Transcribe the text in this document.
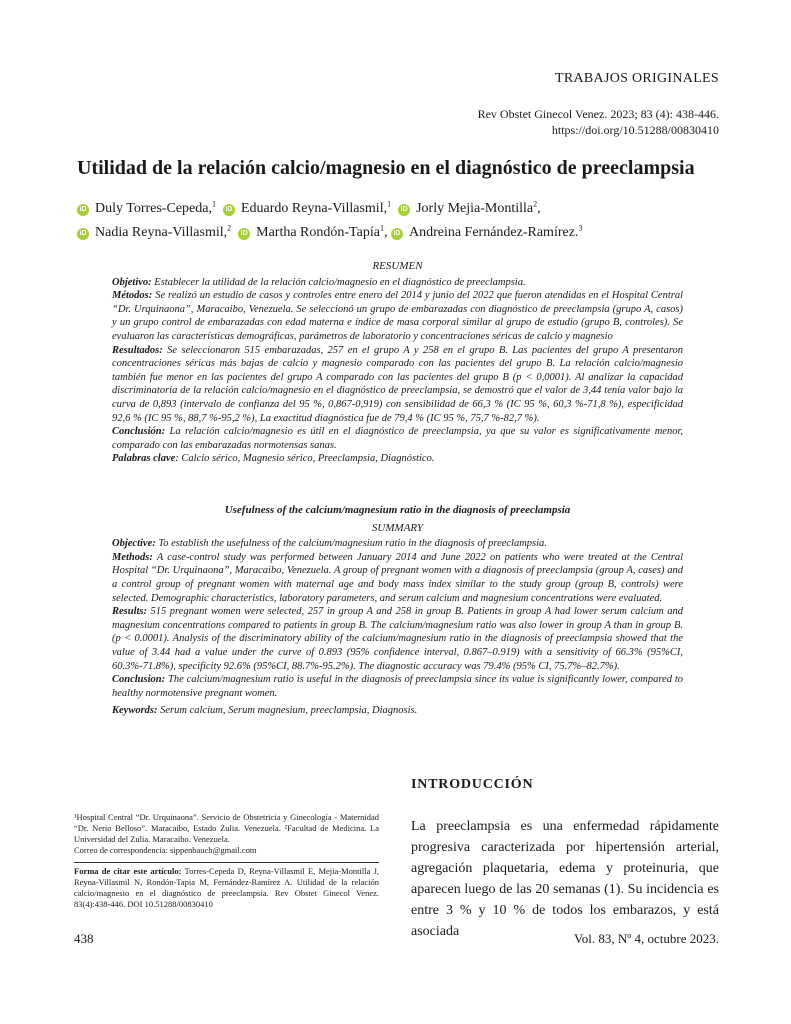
TRABAJOS ORIGINALES
Rev Obstet Ginecol Venez. 2023; 83 (4): 438-446.
https://doi.org/10.51288/00830410
Utilidad de la relación calcio/magnesio en el diagnóstico de preeclampsia
iD Duly Torres-Cepeda,$^1$  iD Eduardo Reyna-Villasmil,$^1$  iD Jorly Mejia-Montilla$^2$,
iD Nadia Reyna-Villasmil,$^2$  iD Martha Rondón-Tapía$^1$, iD Andreina Fernández-Ramírez.$^3$
RESUMEN

Objetivo: Establecer la utilidad de la relación calcio/magnesio en el diagnóstico de preeclampsia.

Métodos: Se realizó un estudio de casos y controles entre enero del 2014 y junio del 2022 que fueron atendidas en el Hospital Central “Dr. Urquinaona”, Maracaibo, Venezuela. Se seleccionó un grupo de embarazadas con diagnóstico de preeclampsia (grupo A, casos) y un grupo control de embarazadas con edad materna e índice de masa corporal similar al grupo de estudio (grupo B, controles). Se evaluaron las características demográficas, parámetros de laboratorio y concentraciones séricas de calcio y magnesio

Resultados: Se seleccionaron 515 embarazadas, 257 en el grupo A y 258 en el grupo B. Las pacientes del grupo A presentaron concentraciones séricas más bajas de calcio y magnesio comparado con las pacientes del grupo B. La relación calcio/magnesio también fue menor en las pacientes del grupo A comparado con las pacientes del grupo B (p < 0,0001). Al analizar la capacidad discriminatoria de la relación calcio/magnesio en el diagnóstico de preeclampsia, se demostró que el valor de 3,44 tenía valor bajo la curva de 0,893 (intervalo de confianza del 95 %, 0,867-0,919) con sensibilidad de 66,3 % (IC 95 %, 60,3 %-71,8 %), especificidad 92,6 % (IC 95 %, 88,7 %-95,2 %), La exactitud diagnóstica fue de 79,4 % (IC 95 %, 75,7 %-82,7 %).

Conclusión: La relación calcio/magnesio es útil en el diagnóstico de preeclampsia, ya que su valor es significativamente menor, comparado con las embarazadas normotensas sanas.

Palabras clave: Calcio sérico, Magnesio sérico, Preeclampsia, Diagnóstico.

Usefulness of the calcium/magnesium ratio in the diagnosis of preeclampsia
SUMMARY

Objective: To establish the usefulness of the calcium/magnesium ratio in the diagnosis of preeclampsia.

Methods: A case-control study was performed between January 2014 and June 2022 on patients who were treated at the Central Hospital “Dr. Urquinaona”, Maracaibo, Venezuela. A group of pregnant women with a diagnosis of preeclampsia (group A, cases) and a control group of pregnant women with maternal age and body mass index similar to the study group (group B, controls) were selected. Demographic characteristics, laboratory parameters, and serum calcium and magnesium concentrations were evaluated.

Results: 515 pregnant women were selected, 257 in group A and 258 in group B. Patients in group A had lower serum calcium and magnesium concentrations compared to patients in group B. The calcium/magnesium ratio was also lower in group A than in group B. (p < 0.0001). Analysis of the discriminatory ability of the calcium/magnesium ratio in the diagnosis of preeclampsia showed that the value of 3.44 had a value under the curve of 0.893 (95% confidence interval, 0.867–0.919) with a sensitivity of 66.3% (95%CI, 60.3%-71.8%), specificity 92.6% (95%CI, 88.7%-95.2%). The diagnostic accuracy was 79.4% (95% CI, 75.7%–82.7%).

Conclusion: The calcium/magnesium ratio is useful in the diagnosis of preeclampsia since its value is significantly lower, compared to healthy normotensive pregnant women.

Keywords: Serum calcium, Serum magnesium, preeclampsia, Diagnosis.

INTRODUCCIÓN
La preeclampsia es una enfermedad rápidamente progresiva caracterizada por hipertensión arterial, agregación plaquetaria, edema y proteinuria, que aparecen luego de las 20 semanas (1). Su incidencia es entre 3 % y 10 % de todos los embarazos, y está asociada
¹Hospital Central “Dr. Urquinaona”. Servicio de Obstetricia y Ginecología - Maternidad “Dr. Nerio Belloso”. Maracaibo, Estado Zulia. Venezuela. ²Facultad de Medicina. La Universidad del Zulia. Maracaibo. Venezuela.
Correo de correspondencia: sippenbauch@gmail.com
Forma de citar este artículo: Torres-Cepeda D, Reyna-Villasmil E, Mejia-Montilla J, Reyna-Villasmil N, Rondón-Tapia M, Fernández-Ramírez A. Utilidad de la relación calcio/magnesio en el diagnóstico de preeclampsia. Rev Obstet Ginecol Venez. 83(4):438-446. DOI 10.51288/00830410
438	Vol. 83, Nº 4, octubre 2023.
